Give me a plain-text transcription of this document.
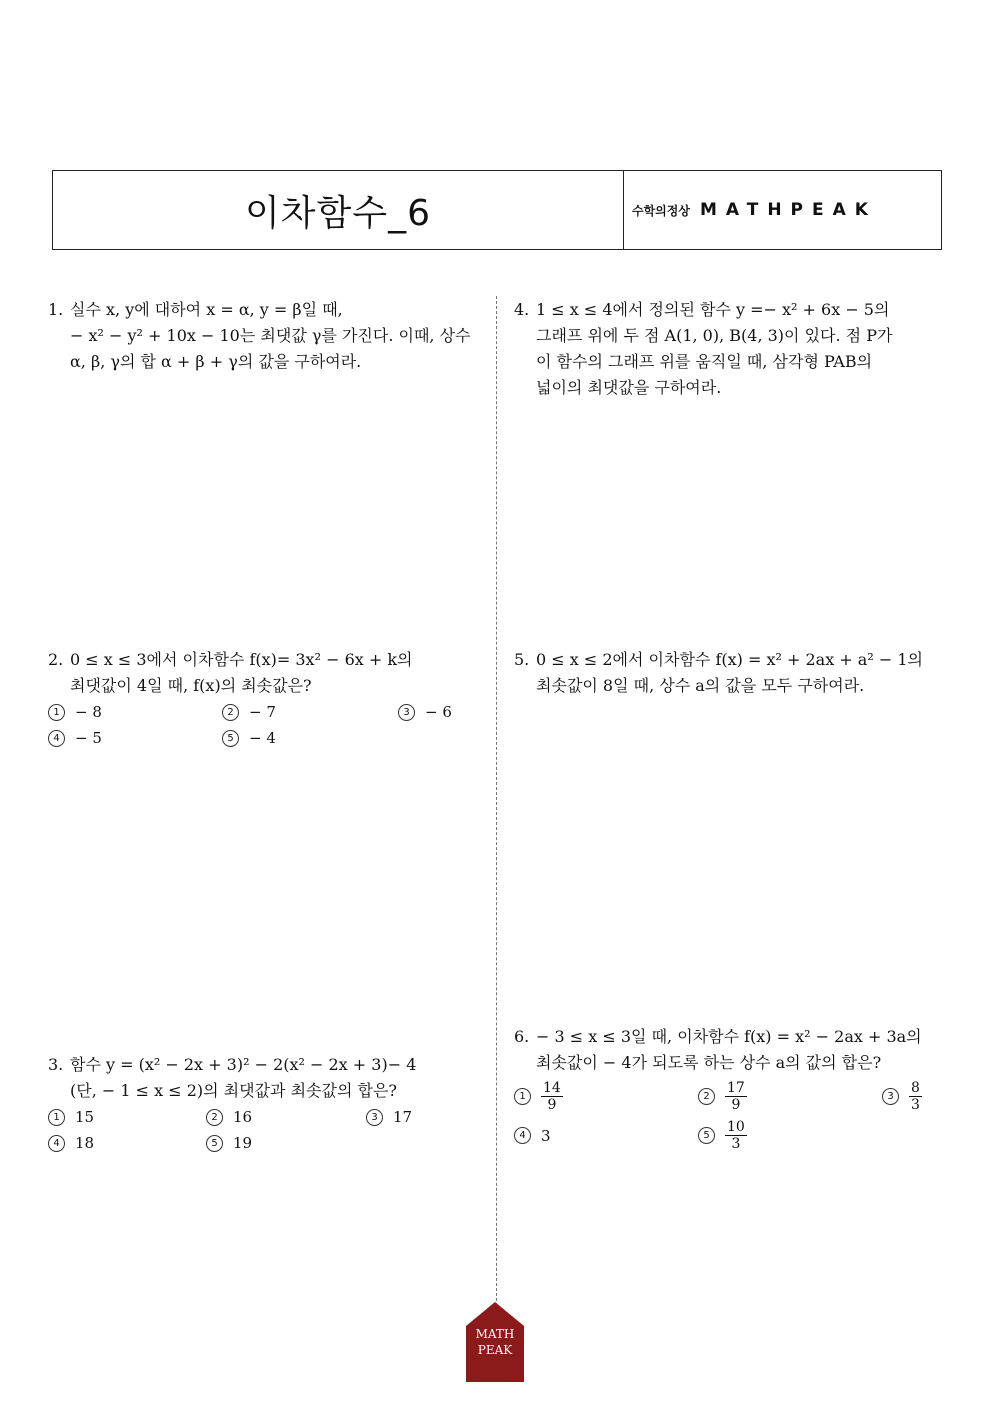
이차함수_6	수학의정상 MATHPEAK
1. 실수 x, y에 대하여 x = α, y = β일 때,
− x² − y² + 10x − 10는 최댓값 γ를 가진다. 이때, 상수
α, β, γ의 합 α + β + γ의 값을 구하여라.
2. 0 ≤ x ≤ 3에서 이차함수 f(x)= 3x² − 6x + k의
최댓값이 4일 때, f(x)의 최솟값은?
1	− 8	2	− 7	3	− 6
4	− 5	5	− 4
3. 함수 y = (x² − 2x + 3)² − 2(x² − 2x + 3)− 4
(단, − 1 ≤ x ≤ 2)의 최댓값과 최솟값의 합은?
1	15	2	16	3	17
4	18	5	19
4. 1 ≤ x ≤ 4에서 정의된 함수 y =− x² + 6x − 5의
그래프 위에 두 점 A(1, 0), B(4, 3)이 있다. 점 P가
이 함수의 그래프 위를 움직일 때, 삼각형 PAB의
넓이의 최댓값을 구하여라.
5. 0 ≤ x ≤ 2에서 이차함수 f(x) = x² + 2ax + a² − 1의
최솟값이 8일 때, 상수 a의 값을 모두 구하여라.
6. − 3 ≤ x ≤ 3일 때, 이차함수 f(x) = x² − 2ax + 3a의
최솟값이 − 4가 되도록 하는 상수 a의 값의 합은?
1	$\frac{14}{9}$	2	$\frac{17}{9}$	3	$\frac{8}{3}$
4	3	5	$\frac{10}{3}$
MATH
PEAK
